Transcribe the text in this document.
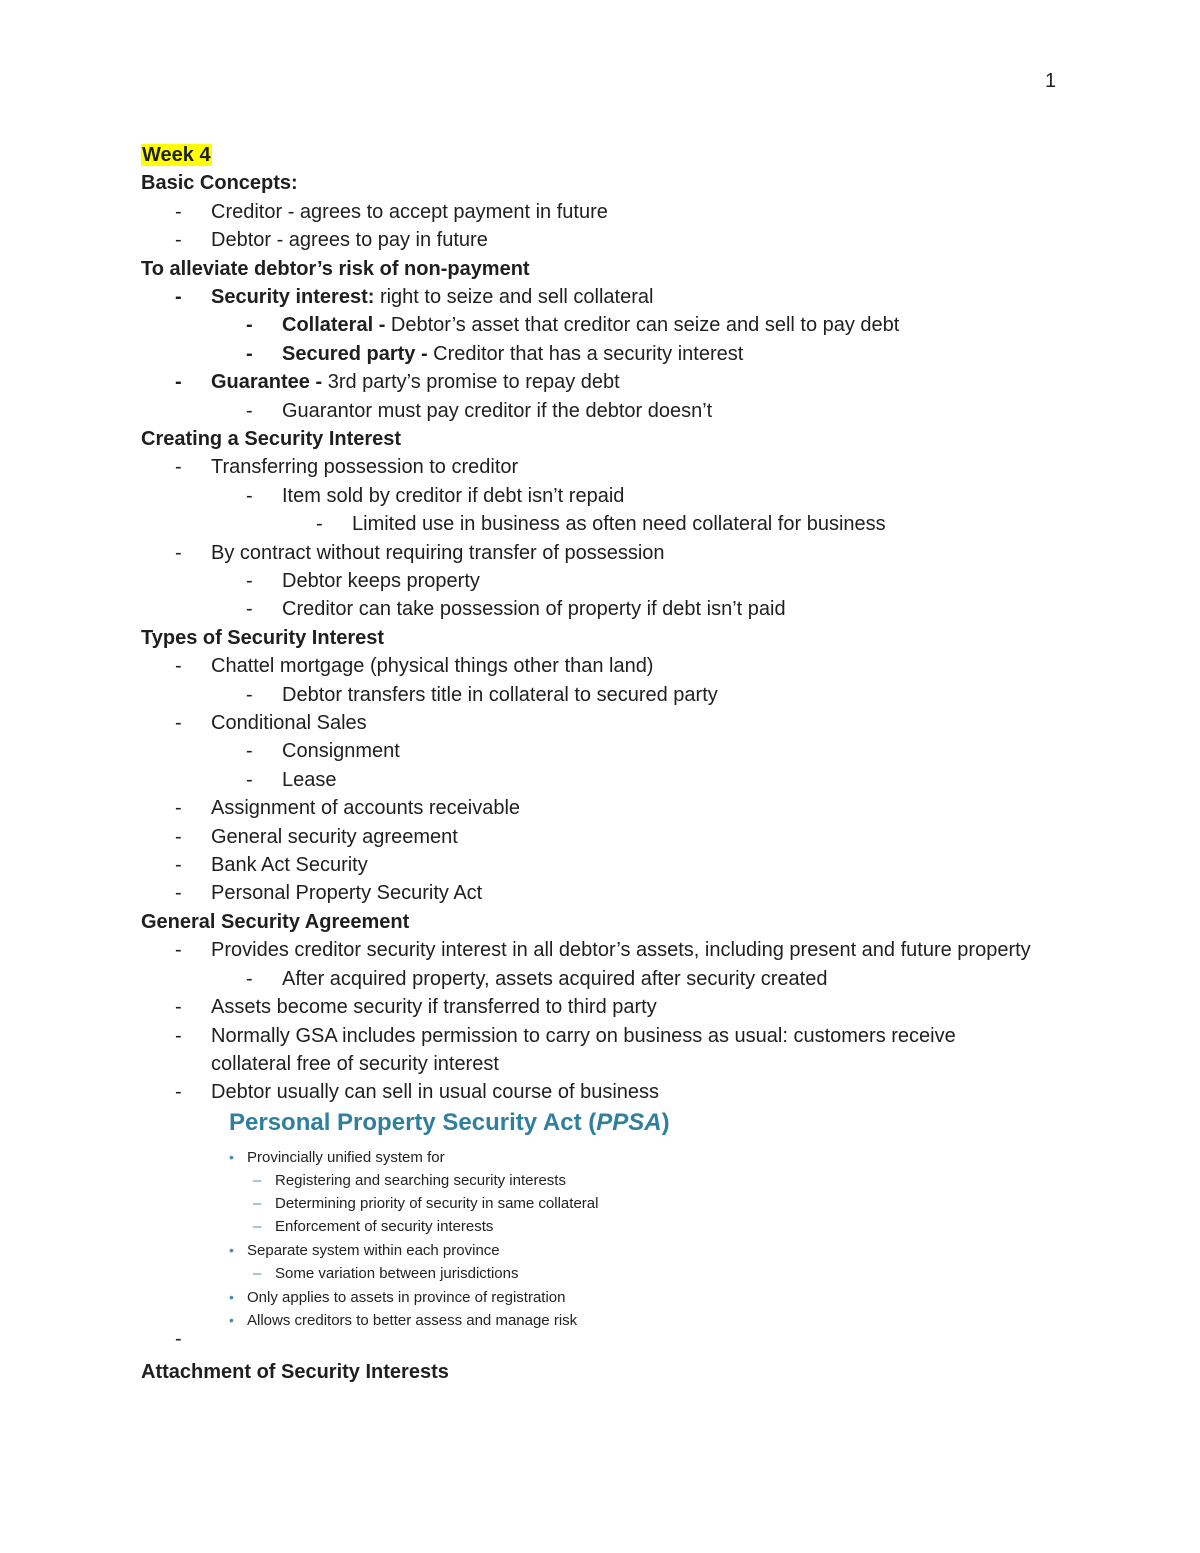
1
Week 4
Basic Concepts:
- Creditor - agrees to accept payment in future
- Debtor - agrees to pay in future
To alleviate debtor’s risk of non-payment
- Security interest: right to seize and sell collateral
- Collateral - Debtor’s asset that creditor can seize and sell to pay debt
- Secured party - Creditor that has a security interest
- Guarantee - 3rd party’s promise to repay debt
- Guarantor must pay creditor if the debtor doesn’t
Creating a Security Interest
- Transferring possession to creditor
- Item sold by creditor if debt isn’t repaid
- Limited use in business as often need collateral for business
- By contract without requiring transfer of possession
- Debtor keeps property
- Creditor can take possession of property if debt isn’t paid
Types of Security Interest
- Chattel mortgage (physical things other than land)
- Debtor transfers title in collateral to secured party
- Conditional Sales
- Consignment
- Lease
- Assignment of accounts receivable
- General security agreement
- Bank Act Security
- Personal Property Security Act
General Security Agreement
- Provides creditor security interest in all debtor’s assets, including present and future property
- After acquired property, assets acquired after security created
- Assets become security if transferred to third party
- Normally GSA includes permission to carry on business as usual: customers receive collateral free of security interest
- Debtor usually can sell in usual course of business
Personal Property Security Act (PPSA)
• Provincially unified system for
– Registering and searching security interests
– Determining priority of security in same collateral
– Enforcement of security interests
• Separate system within each province
– Some variation between jurisdictions
• Only applies to assets in province of registration
• Allows creditors to better assess and manage risk
-
Attachment of Security Interests
